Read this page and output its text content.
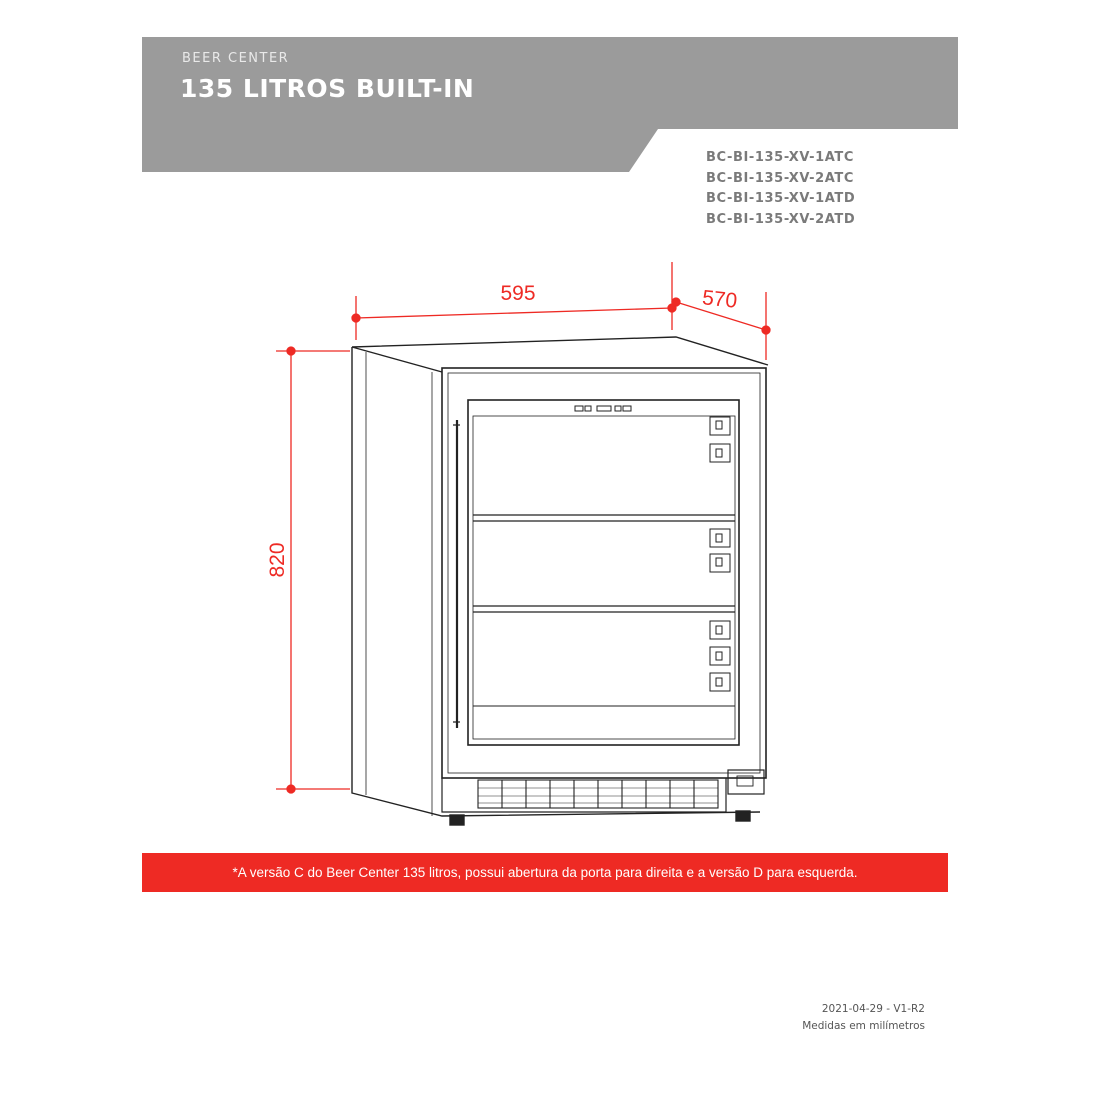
BEER CENTER
135 LITROS BUILT-IN
BC-BI-135-XV-1ATC
BC-BI-135-XV-2ATC
BC-BI-135-XV-1ATD
BC-BI-135-XV-2ATD
595	570
820
*A versão C do Beer Center 135 litros, possui abertura da porta para direita e a versão D para esquerda.
2021-04-29 - V1-R2
Medidas em milímetros
